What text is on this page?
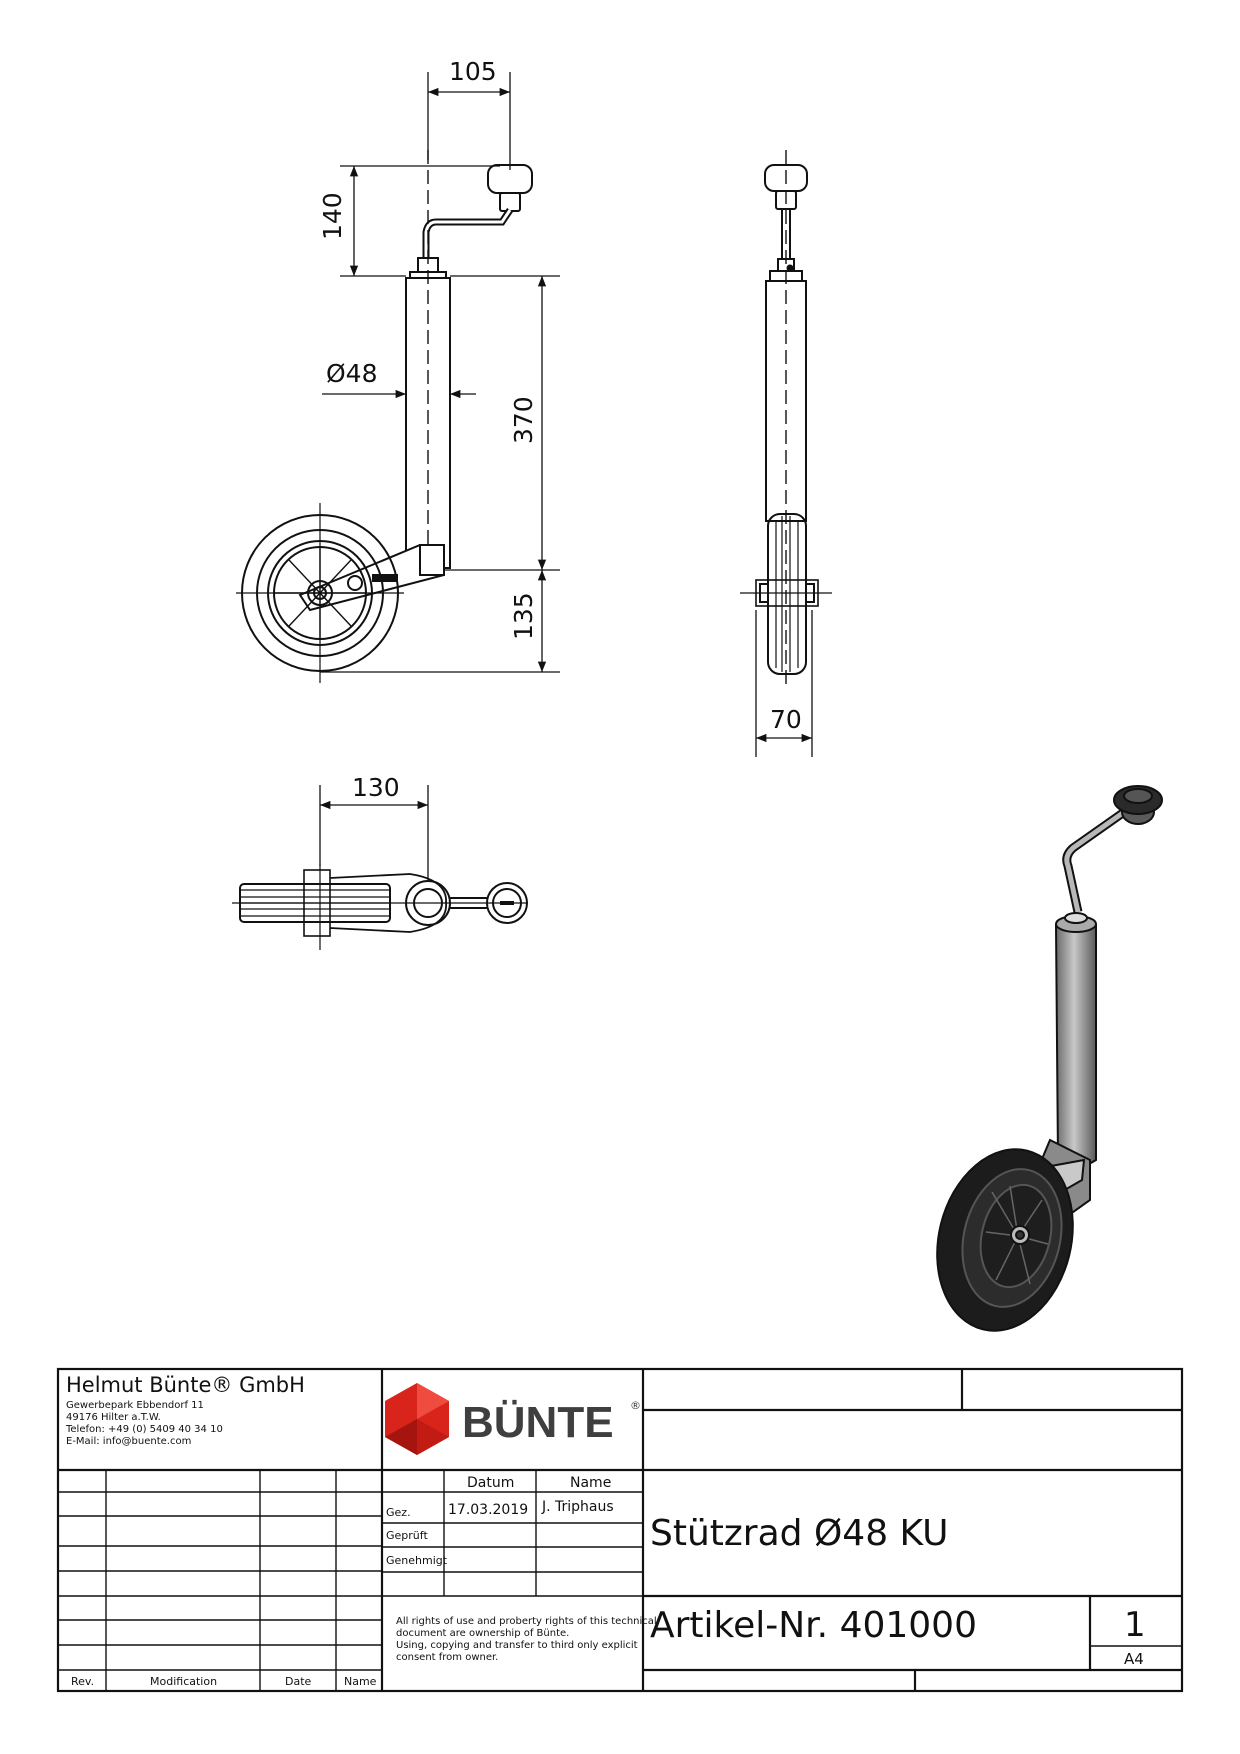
105
140
Ø48
370
135
70
130
Helmut Bünte® GmbH
Gewerbepark Ebbendorf 11
49176 Hilter a.T.W.
Telefon: +49 (0) 5409 40 34 10
E-Mail: info@buente.com	BÜNTE ®
Datum	Name
Gez.	17.03.2019 J. Triphaus
Geprüft
Genehmigt
Rev.	Modification	Date	Name
All rights of use and proberty rights of this technical
document are ownership of Bünte.
Using, copying and transfer to third only explicit
consent from owner.
Stützrad Ø48 KU
Artikel-Nr. 401000	1
A4
